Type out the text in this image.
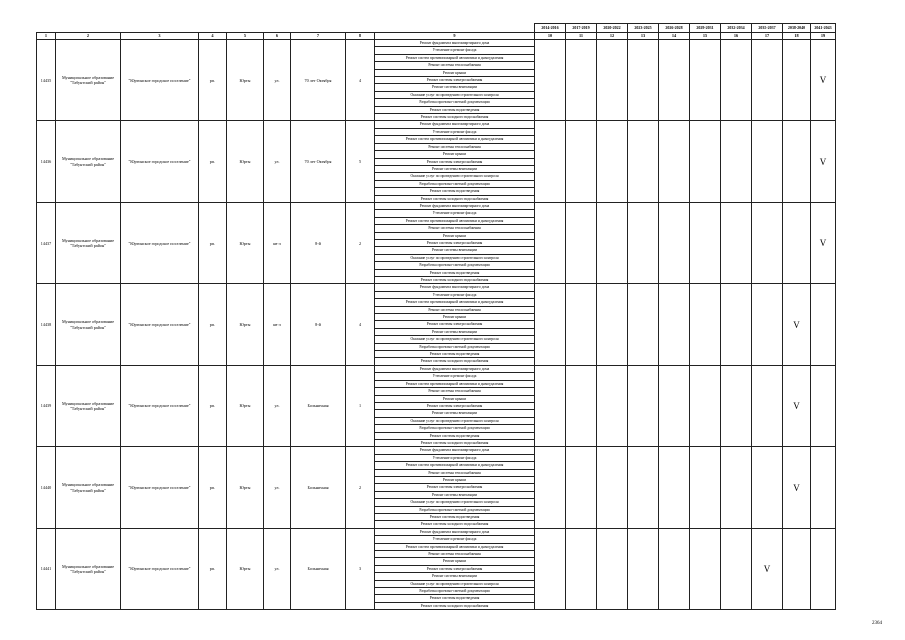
									2014-2016	2017-2019	2020-2022	2023-2025	2026-2028	2029-2031	2032-2034	2035-2037	2038-2040	2041-2043
1	2	3	4	5	6	7	8	9	10	11	12	13	14	15	16	17	18	19
14435	Муниципальное образование "Табунтский район"	"Юртинское городское поселение"	рп.	Юрты	ул.	70 лет Октября	4	Ремонт фундамента многоквартирного дома										V
								Утепление и ремонт фасада										
								Ремонт систем противопожарной автоматики и дымоудаления										
								Ремонт системы теплоснабжения										
								Ремонт крыши										
								Ремонт системы электроснабжения										
								Ремонт системы вентиляции										
								Оказание услуг по проведению строительного контроля										
								Разработка проектно-сметной документации										
								Ремонт системы водоотведения										
								Ремонт системы холодного водоснабжения										
14436	Муниципальное образование "Табунтский район"	"Юртинское городское поселение"	рп.	Юрты	ул.	70 лет Октября	5	Ремонт фундамента многоквартирного дома										V
								Утепление и ремонт фасада										
								Ремонт систем противопожарной автоматики и дымоудаления										
								Ремонт системы теплоснабжения										
								Ремонт крыши										
								Ремонт системы электроснабжения										
								Ремонт системы вентиляции										
								Оказание услуг по проведению строительного контроля										
								Разработка проектно-сметной документации										
								Ремонт системы водоотведения										
								Ремонт системы холодного водоснабжения										
14437	Муниципальное образование "Табунтский район"	"Юртинское городское поселение"	рп.	Юрты	кв-л	8-й	2	Ремонт фундамента многоквартирного дома										V
								Утепление и ремонт фасада										
								Ремонт систем противопожарной автоматики и дымоудаления										
								Ремонт системы теплоснабжения										
								Ремонт крыши										
								Ремонт системы электроснабжения										
								Ремонт системы вентиляции										
								Оказание услуг по проведению строительного контроля										
								Разработка проектно-сметной документации										
								Ремонт системы водоотведения										
								Ремонт системы холодного водоснабжения										
14438	Муниципальное образование "Табунтский район"	"Юртинское городское поселение"	рп.	Юрты	кв-л	8-й	4	Ремонт фундамента многоквартирного дома									V	
								Утепление и ремонт фасада										
								Ремонт систем противопожарной автоматики и дымоудаления										
								Ремонт системы теплоснабжения										
								Ремонт крыши										
								Ремонт системы электроснабжения										
								Ремонт системы вентиляции										
								Оказание услуг по проведению строительного контроля										
								Разработка проектно-сметной документации										
								Ремонт системы водоотведения										
								Ремонт системы холодного водоснабжения										
14439	Муниципальное образование "Табунтский район"	"Юртинское городское поселение"	рп.	Юрты	ул.	Больничная	1	Ремонт фундамента многоквартирного дома									V	
								Утепление и ремонт фасада										
								Ремонт систем противопожарной автоматики и дымоудаления										
								Ремонт системы теплоснабжения										
								Ремонт крыши										
								Ремонт системы электроснабжения										
								Ремонт системы вентиляции										
								Оказание услуг по проведению строительного контроля										
								Разработка проектно-сметной документации										
								Ремонт системы водоотведения										
								Ремонт системы холодного водоснабжения										
14440	Муниципальное образование "Табунтский район"	"Юртинское городское поселение"	рп.	Юрты	ул.	Больничная	2	Ремонт фундамента многоквартирного дома									V	
								Утепление и ремонт фасада										
								Ремонт систем противопожарной автоматики и дымоудаления										
								Ремонт системы теплоснабжения										
								Ремонт крыши										
								Ремонт системы электроснабжения										
								Ремонт системы вентиляции										
								Оказание услуг по проведению строительного контроля										
								Разработка проектно-сметной документации										
								Ремонт системы водоотведения										
								Ремонт системы холодного водоснабжения										
14441	Муниципальное образование "Табунтский район"	"Юртинское городское поселение"	рп.	Юрты	ул.	Больничная	3	Ремонт фундамента многоквартирного дома								V		
								Утепление и ремонт фасада										
								Ремонт систем противопожарной автоматики и дымоудаления										
								Ремонт системы теплоснабжения										
								Ремонт крыши										
								Ремонт системы электроснабжения										
								Ремонт системы вентиляции										
								Оказание услуг по проведению строительного контроля										
								Разработка проектно-сметной документации										
								Ремонт системы водоотведения										
								Ремонт системы холодного водоснабжения										
2364
